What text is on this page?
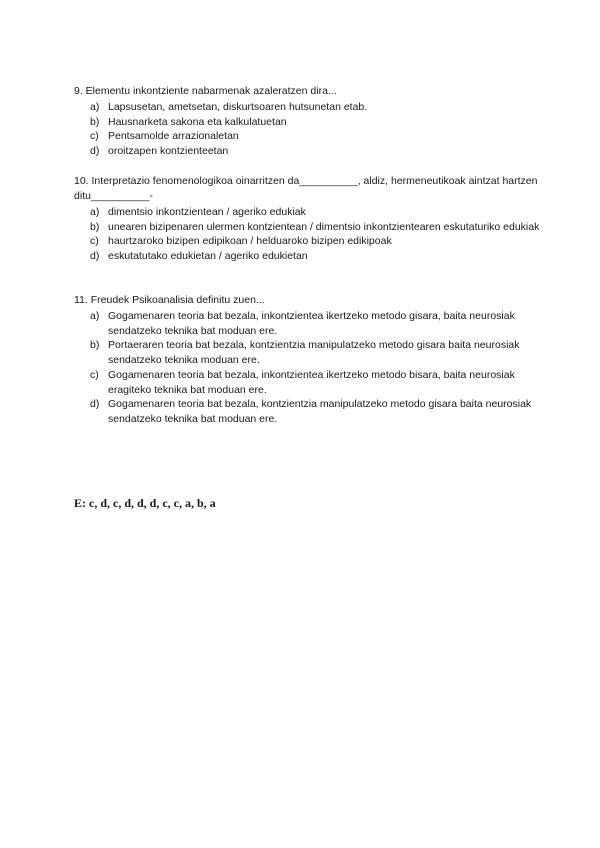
9. Elementu inkontziente nabarmenak azaleratzen dira...

a) Lapsusetan, ametsetan, diskurtsoaren hutsunetan etab.
b) Hausnarketa sakona eta kalkulatuetan
c) Pentsamolde arrazionaletan
d) oroitzapen kontzienteetan

10. Interpretazio fenomenologikoa oinarritzen da__________, aldiz, hermeneutikoak aintzat hartzen ditu__________-

a) dimentsio inkontzientean / ageriko edukiak
b) unearen bizipenaren ulermen kontzientean / dimentsio inkontzientearen eskutaturiko edukiak
c) haurtzaroko bizipen edipikoan / helduaroko bizipen edikipoak
d) eskutatutako edukietan / ageriko edukietan

11. Freudek Psikoanalisia definitu zuen...

a) Gogamenaren teoria bat bezala, inkontzientea ikertzeko metodo gisara, baita neurosiak sendatzeko teknika bat moduan ere.
b) Portaeraren teoria bat bezala, kontzientzia manipulatzeko metodo gisara baita neurosiak sendatzeko teknika moduan ere.
c) Gogamenaren teoria bat bezala, inkontzientea ikertzeko metodo bisara, baita neurosiak eragiteko teknika bat moduan ere.
d) Gogamenaren teoria bat bezala, kontzientzia manipulatzeko metodo gisara baita neurosiak sendatzeko teknika bat moduan ere.
E: c, d, c, d, d, d, c, c, a, b, a
